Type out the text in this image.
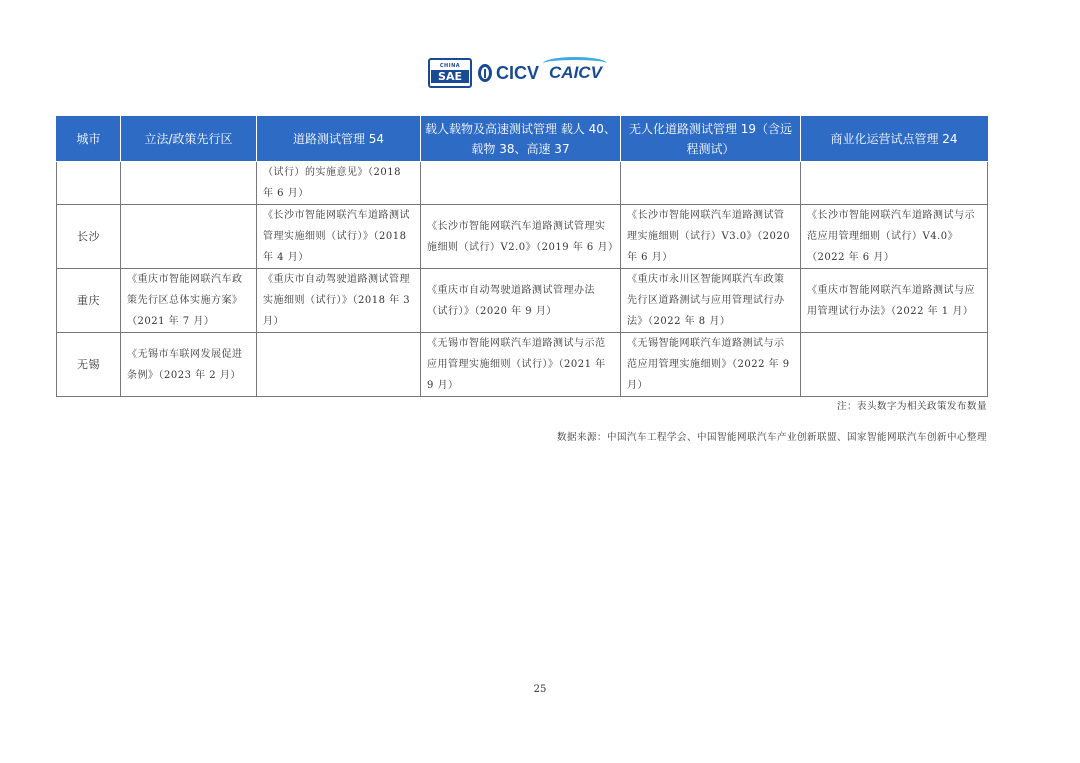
CHINA
SAE	CICV CAICV
城市	立法/政策先行区	道路测试管理 54	载人载物及高速测试管理 载人 40、载物 38、高速 37	无人化道路测试管理 19（含远程测试）	商业化运营试点管理 24
		（试行）的实施意见》（2018 年 6 月）			
长沙		《长沙市智能网联汽车道路测试管理实施细则（试行）》（2018 年 4 月）	《长沙市智能网联汽车道路测试管理实施细则（试行）V2.0》（2019 年 6 月）	《长沙市智能网联汽车道路测试管理实施细则（试行）V3.0》（2020 年 6 月）	《长沙市智能网联汽车道路测试与示范应用管理细则（试行）V4.0》（2022 年 6 月）
重庆	《重庆市智能网联汽车政策先行区总体实施方案》（2021 年 7 月）	《重庆市自动驾驶道路测试管理实施细则（试行）》（2018 年 3 月）	《重庆市自动驾驶道路测试管理办法（试行）》（2020 年 9 月）	《重庆市永川区智能网联汽车政策先行区道路测试与应用管理试行办法》（2022 年 8 月）	《重庆市智能网联汽车道路测试与应用管理试行办法》（2022 年 1 月）
无锡	《无锡市车联网发展促进条例》（2023 年 2 月）		《无锡市智能网联汽车道路测试与示范应用管理实施细则（试行）》（2021 年 9 月）	《无锡智能网联汽车道路测试与示范应用管理实施细则》（2022 年 9 月）	
注：表头数字为相关政策发布数量
数据来源：中国汽车工程学会、中国智能网联汽车产业创新联盟、国家智能网联汽车创新中心整理
25
